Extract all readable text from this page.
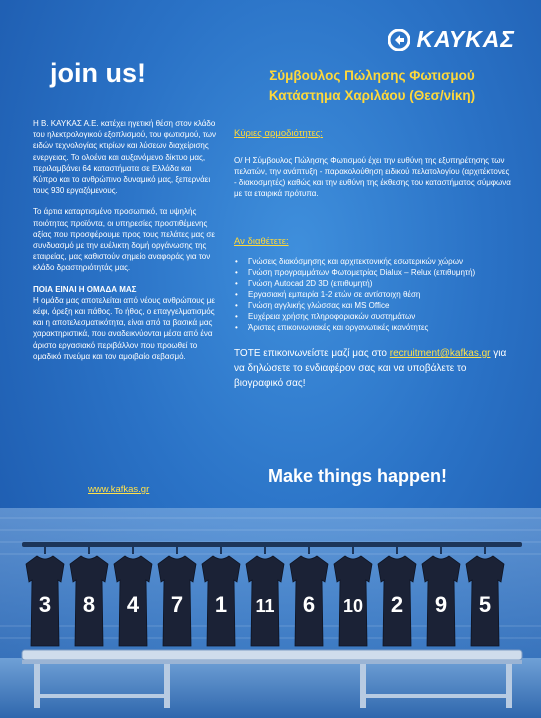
ΚΑΥΚΑΣ
join us!	Σύμβουλος Πώλησης Φωτισμού
Κατάστημα Χαριλάου (Θεσ/νίκη)

Η Β. ΚΑΥΚΑΣ Α.Ε. κατέχει ηγετική θέση στον κλάδο του ηλεκτρολογικού εξοπλισμού, του φωτισμού, των ειδών τεχνολογίας κτιρίων και λύσεων διαχείρισης ενεργειας. Το ολοένα και αυξανόμενο δίκτυο μας, περιλαμβάνει 64 καταστήματα σε Ελλάδα και Κύπρο και το ανθρώπινο δυναμικό μας, ξεπερνάει τους 930 εργαζόμενους.

Το άρτια καταρτισμένο προσωπικό, τα υψηλής ποιότητας προϊόντα, οι υπηρεσίες προστιθέμενης αξίας που προσφέρουμε προς τους πελάτες μας σε συνδυασμό με την ευέλικτη δομή οργάνωσης της εταιρείας, μας καθιστούν σημείο αναφοράς για τον κλάδο δραστηριότητάς μας.

ΠΟΙΑ ΕΙΝΑΙ Η ΟΜΑΔΑ ΜΑΣ

Η ομάδα μας αποτελείται από νέους ανθρώπους με κέφι, όρεξη και πάθος. Το ήθος, ο επαγγελματισμός και η αποτελεσματικότητα, είναι από τα βασικά μας χαρακτηριστικά, που αναδεικνύονται μέσα από ένα άριστο εργασιακό περιβάλλον που προωθεί το ομαδικό πνεύμα και τον αμοιβαίο σεβασμό.

www.kafkas.gr
Κύριες αρμοδιότητες:

Ο/ Η Σύμβουλος Πώλησης Φωτισμού έχει την ευθύνη της εξυπηρέτησης των πελατών, την ανάπτυξη - παρακολούθηση ειδικού πελατολογίου (αρχιτέκτονες - διακοσμητές) καθώς και την ευθύνη της έκθεσης του καταστήματος σύμφωνα με τα εταιρικά πρότυπα.

Αν διαθέτετε:
• Γνώσεις διακόσμησης και αρχιτεκτονικής εσωτερικών χώρων
• Γνώση προγραμμάτων Φωτομετρίας Dialux – Relux (επιθυμητή)
• Γνώση Autocad 2D 3D (επιθυμητή)
• Εργασιακή εμπειρία 1-2 ετών σε αντίστοιχη θέση
• Γνώση αγγλικής γλώσσας και MS Office
• Ευχέρεια χρήσης πληροφοριακών συστημάτων
• Άριστες επικοινωνιακές και οργανωτικές ικανότητες
ΤΟΤΕ επικοινωνείστε μαζί μας στο recruitment@kafkas.gr για να δηλώσετε το ενδιαφέρον σας και να υποβάλετε το βιογραφικό σας!
Make things happen!
3 8 4 7 1 11 6 10 2 9 5
